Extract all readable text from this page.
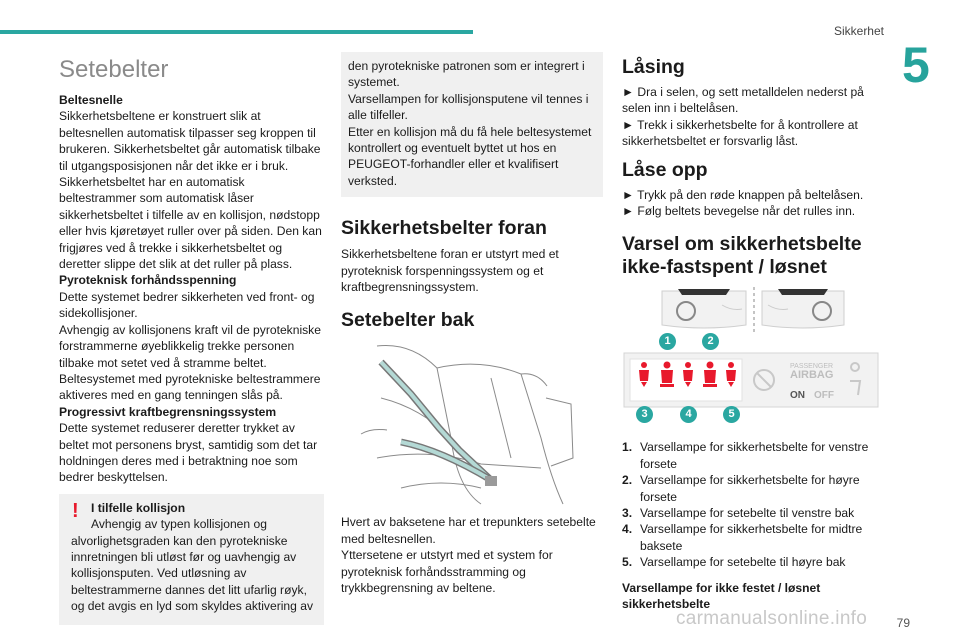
Sikkerhet
5
Setebelter

Beltesnelle

Sikkerhetsbeltene er konstruert slik at beltesnellen automatisk tilpasser seg kroppen til brukeren. Sikkerhetsbeltet går automatisk tilbake til utgangsposisjonen når det ikke er i bruk.

Sikkerhetsbeltet har en automatisk beltestrammer som automatisk låser sikkerhetsbeltet i tilfelle av en kollisjon, nødstopp eller hvis kjøretøyet ruller over på siden. Den kan frigjøres ved å trekke i sikkerhetsbeltet og deretter slippe det slik at det ruller på plass.

Pyroteknisk forhåndsspenning

Dette systemet bedrer sikkerheten ved front- og sidekollisjoner.

Avhengig av kollisjonens kraft vil de pyrotekniske forstrammerne øyeblikkelig trekke personen tilbake mot setet ved å stramme beltet.

Beltesystemet med pyrotekniske beltestrammere aktiveres med en gang tenningen slås på.

Progressivt kraftbegrensningssystem

Dette systemet reduserer deretter trykket av beltet mot personens bryst, samtidig som det tar holdningen deres med i betraktning noe som bedrer beskyttelsen.

!	I tilfelle kollisjon

Avhengig av typen kollisjonen og

alvorlighetsgraden kan den pyrotekniske innretningen bli utløst før og uavhengig av kollisjonsputen. Ved utløsning av beltestrammerne dannes det litt ufarlig røyk, og det avgis en lyd som skyldes aktivering av

den pyrotekniske patronen som er integrert i systemet.

Varsellampen for kollisjonsputene vil tennes i alle tilfeller.

Etter en kollisjon må du få hele beltesystemet kontrollert og eventuelt byttet ut hos en PEUGEOT-forhandler eller et kvalifisert verksted.

Sikkerhetsbelter foran

Sikkerhetsbeltene foran er utstyrt med et pyroteknisk forspenningssystem og et kraftbegrensningssystem.

Setebelter bak

Hvert av baksetene har et trepunkters setebelte med beltesnellen.

Yttersetene er utstyrt med et system for pyroteknisk forhåndsstramming og trykkbegrensning av beltene.

Låsing

► Dra i selen, og sett metalldelen nederst på selen inn i beltelåsen.

► Trekk i sikkerhetsbelte for å kontrollere at sikkerhetsbeltet er forsvarlig låst.

Låse opp

► Trykk på den røde knappen på beltelåsen.

► Følg beltets bevegelse når det rulles inn.

Varsel om sikkerhetsbelte ikke-fastspent / løsnet
PASSENGER
AIRBAG
ON OFF
1	2
3	4	5
1. Varsellampe for sikkerhetsbelte for venstre forsete
2. Varsellampe for sikkerhetsbelte for høyre forsete
3. Varsellampe for setebelte til venstre bak
4. Varsellampe for sikkerhetsbelte for midtre baksete
5. Varsellampe for setebelte til høyre bak

Varsellampe for ikke festet / løsnet sikkerhetsbelte

carmanualsonline.info 79
